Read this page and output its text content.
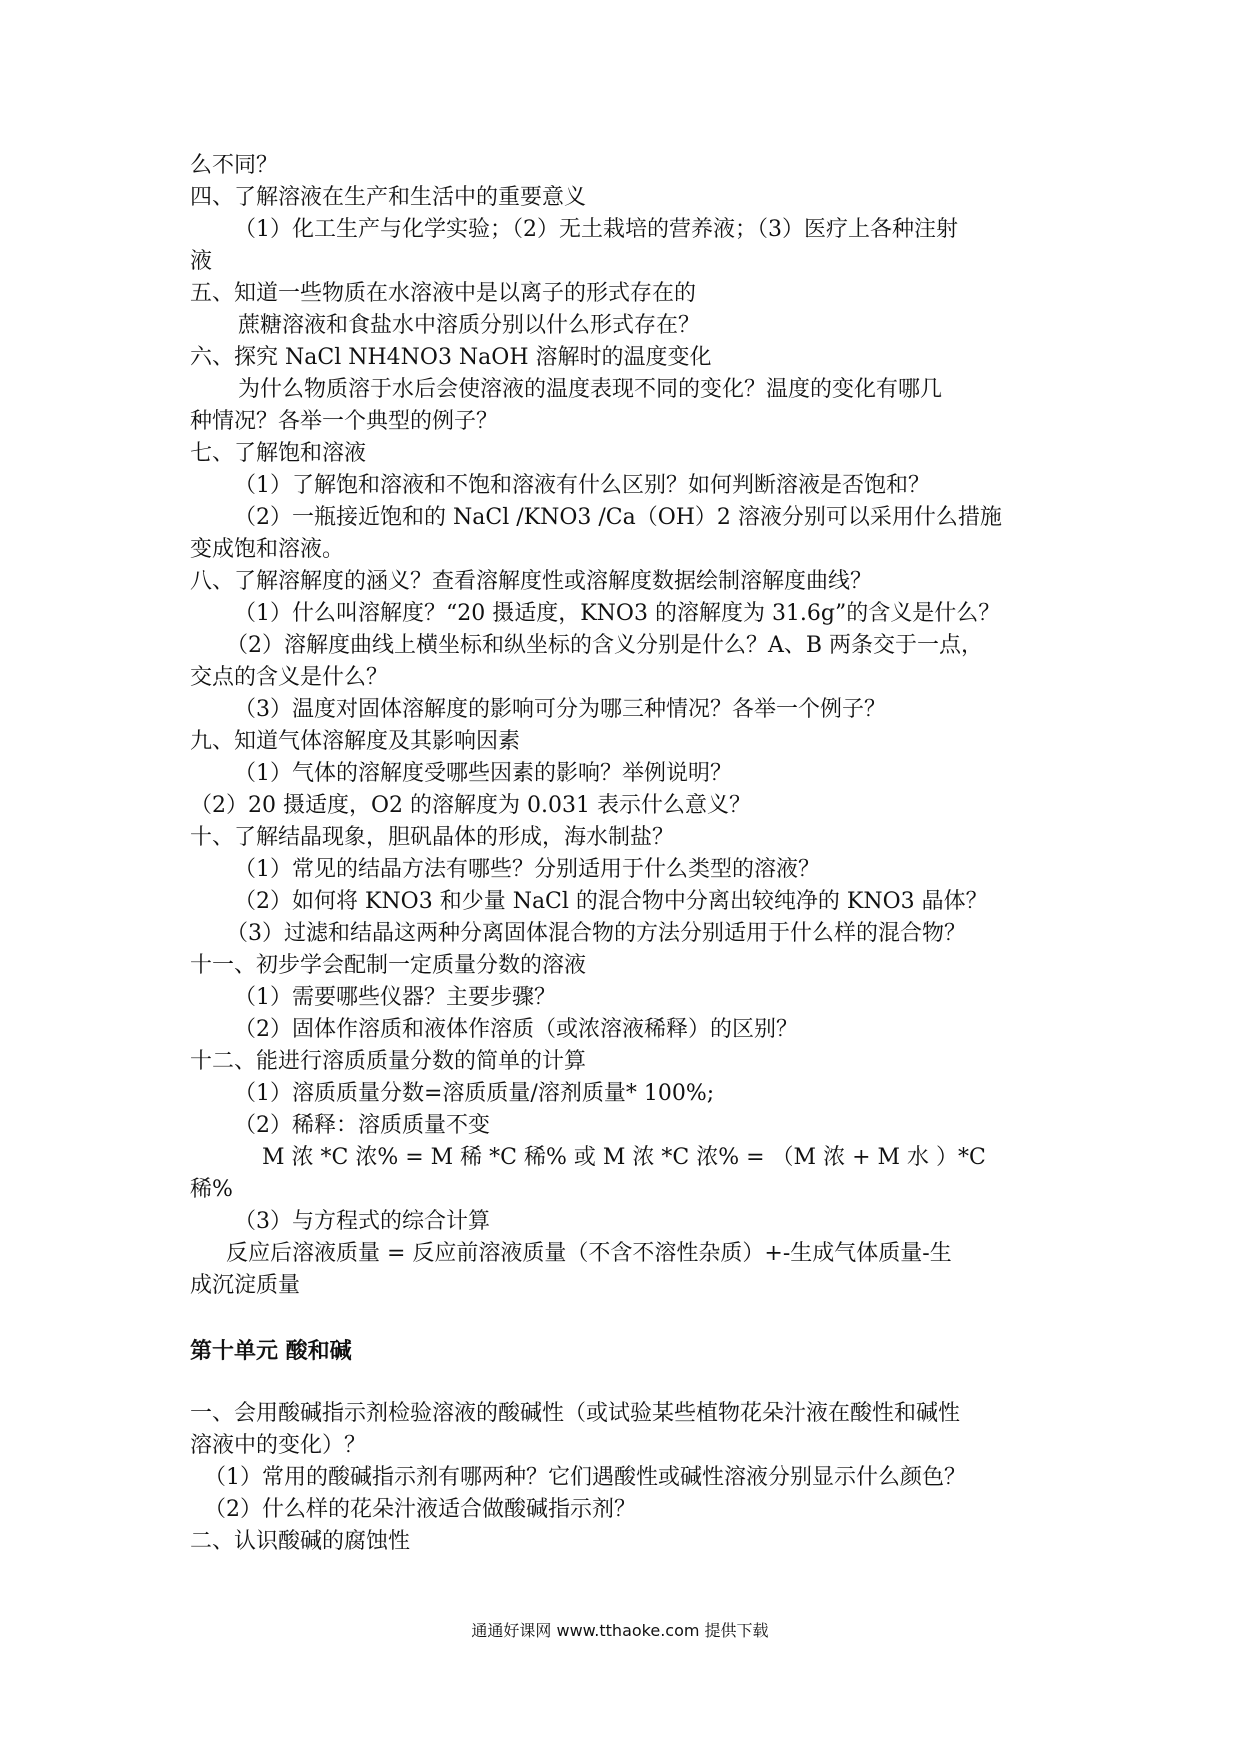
么不同？
四、了解溶液在生产和生活中的重要意义
（1）化工生产与化学实验；（2）无土栽培的营养液；（3）医疗上各种注射
液
五、知道一些物质在水溶液中是以离子的形式存在的
蔗糖溶液和食盐水中溶质分别以什么形式存在？
六、探究 NaCl NH4NO3 NaOH 溶解时的温度变化
为什么物质溶于水后会使溶液的温度表现不同的变化？温度的变化有哪几
种情况？各举一个典型的例子？
七、了解饱和溶液
（1）了解饱和溶液和不饱和溶液有什么区别？如何判断溶液是否饱和？
（2）一瓶接近饱和的 NaCl /KNO3 /Ca（OH）2 溶液分别可以采用什么措施
变成饱和溶液。
八、了解溶解度的涵义？查看溶解度性或溶解度数据绘制溶解度曲线？
（1）什么叫溶解度？“20 摄适度，KNO3 的溶解度为 31.6g”的含义是什么？
（2）溶解度曲线上横坐标和纵坐标的含义分别是什么？A、B 两条交于一点，
交点的含义是什么？
（3）温度对固体溶解度的影响可分为哪三种情况？各举一个例子？
九、知道气体溶解度及其影响因素
（1）气体的溶解度受哪些因素的影响？举例说明？
（2）20 摄适度，O2 的溶解度为 0.031 表示什么意义？
十、了解结晶现象，胆矾晶体的形成，海水制盐？
（1）常见的结晶方法有哪些？分别适用于什么类型的溶液？
（2）如何将 KNO3 和少量 NaCl 的混合物中分离出较纯净的 KNO3 晶体？
（3）过滤和结晶这两种分离固体混合物的方法分别适用于什么样的混合物？
十一、初步学会配制一定质量分数的溶液
（1）需要哪些仪器？主要步骤？
（2）固体作溶质和液体作溶质（或浓溶液稀释）的区别？
十二、能进行溶质质量分数的简单的计算
（1）溶质质量分数=溶质质量/溶剂质量* 100%;
（2）稀释：溶质质量不变
M 浓 *C 浓% = M 稀 *C 稀% 或 M 浓 *C 浓% = （M 浓 + M 水 ）*C
稀%
（3）与方程式的综合计算
反应后溶液质量 = 反应前溶液质量（不含不溶性杂质）+-生成气体质量-生
成沉淀质量
第十单元 酸和碱
一、会用酸碱指示剂检验溶液的酸碱性（或试验某些植物花朵汁液在酸性和碱性
溶液中的变化）？
（1）常用的酸碱指示剂有哪两种？它们遇酸性或碱性溶液分别显示什么颜色？
（2）什么样的花朵汁液适合做酸碱指示剂？
二、认识酸碱的腐蚀性
通通好课网 www.tthaoke.com 提供下载
